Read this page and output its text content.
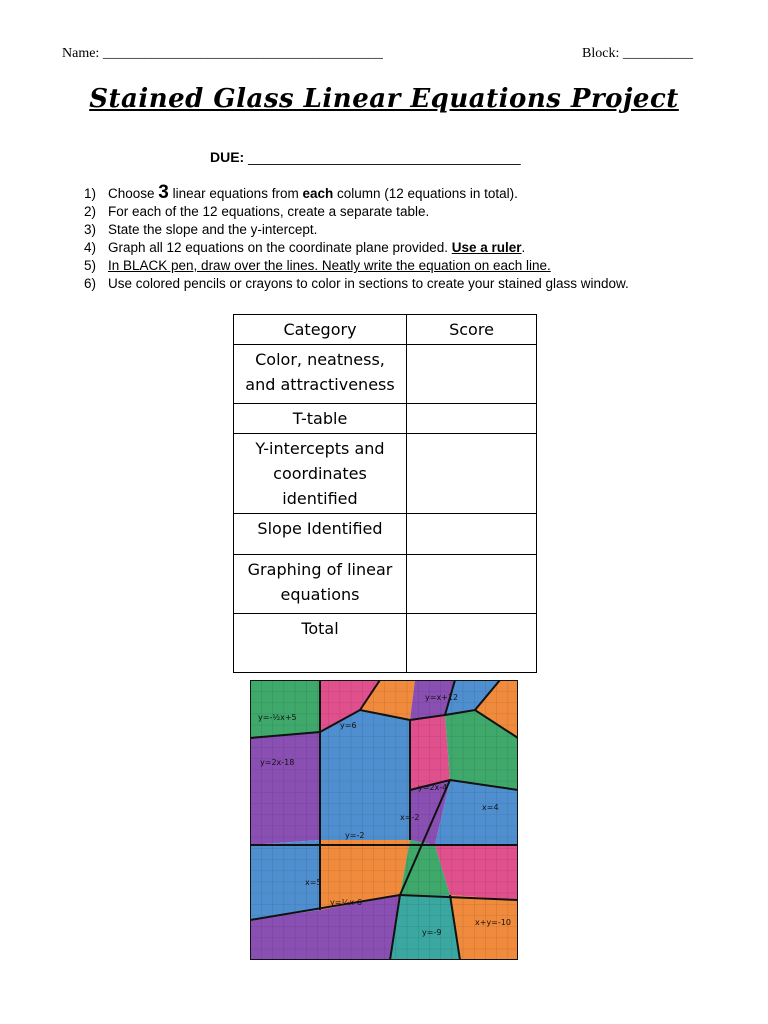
Name: ________________________________________	Block: __________
Stained Glass Linear Equations Project
DUE: ___________________________________
1) Choose 3 linear equations from each column (12 equations in total).
2) For each of the 12 equations, create a separate table.
3) State the slope and the y-intercept.
4) Graph all 12 equations on the coordinate plane provided. Use a ruler.
5) In BLACK pen, draw over the lines. Neatly write the equation on each line.
6) Use colored pencils or crayons to color in sections to create your stained glass window.
Category	Score

Color, neatness,
and attractiveness	

T-table	

Y-intercepts and
coordinates
identified	

Slope Identified	

Graphing of linear
equations	

Total	

y=-½x+5
y=6
y=x+12
y=2x-18
y=-2
x=-2
x=4
x=5
y=¼x-6
y=-9
y=2x-4
x+y=-10
